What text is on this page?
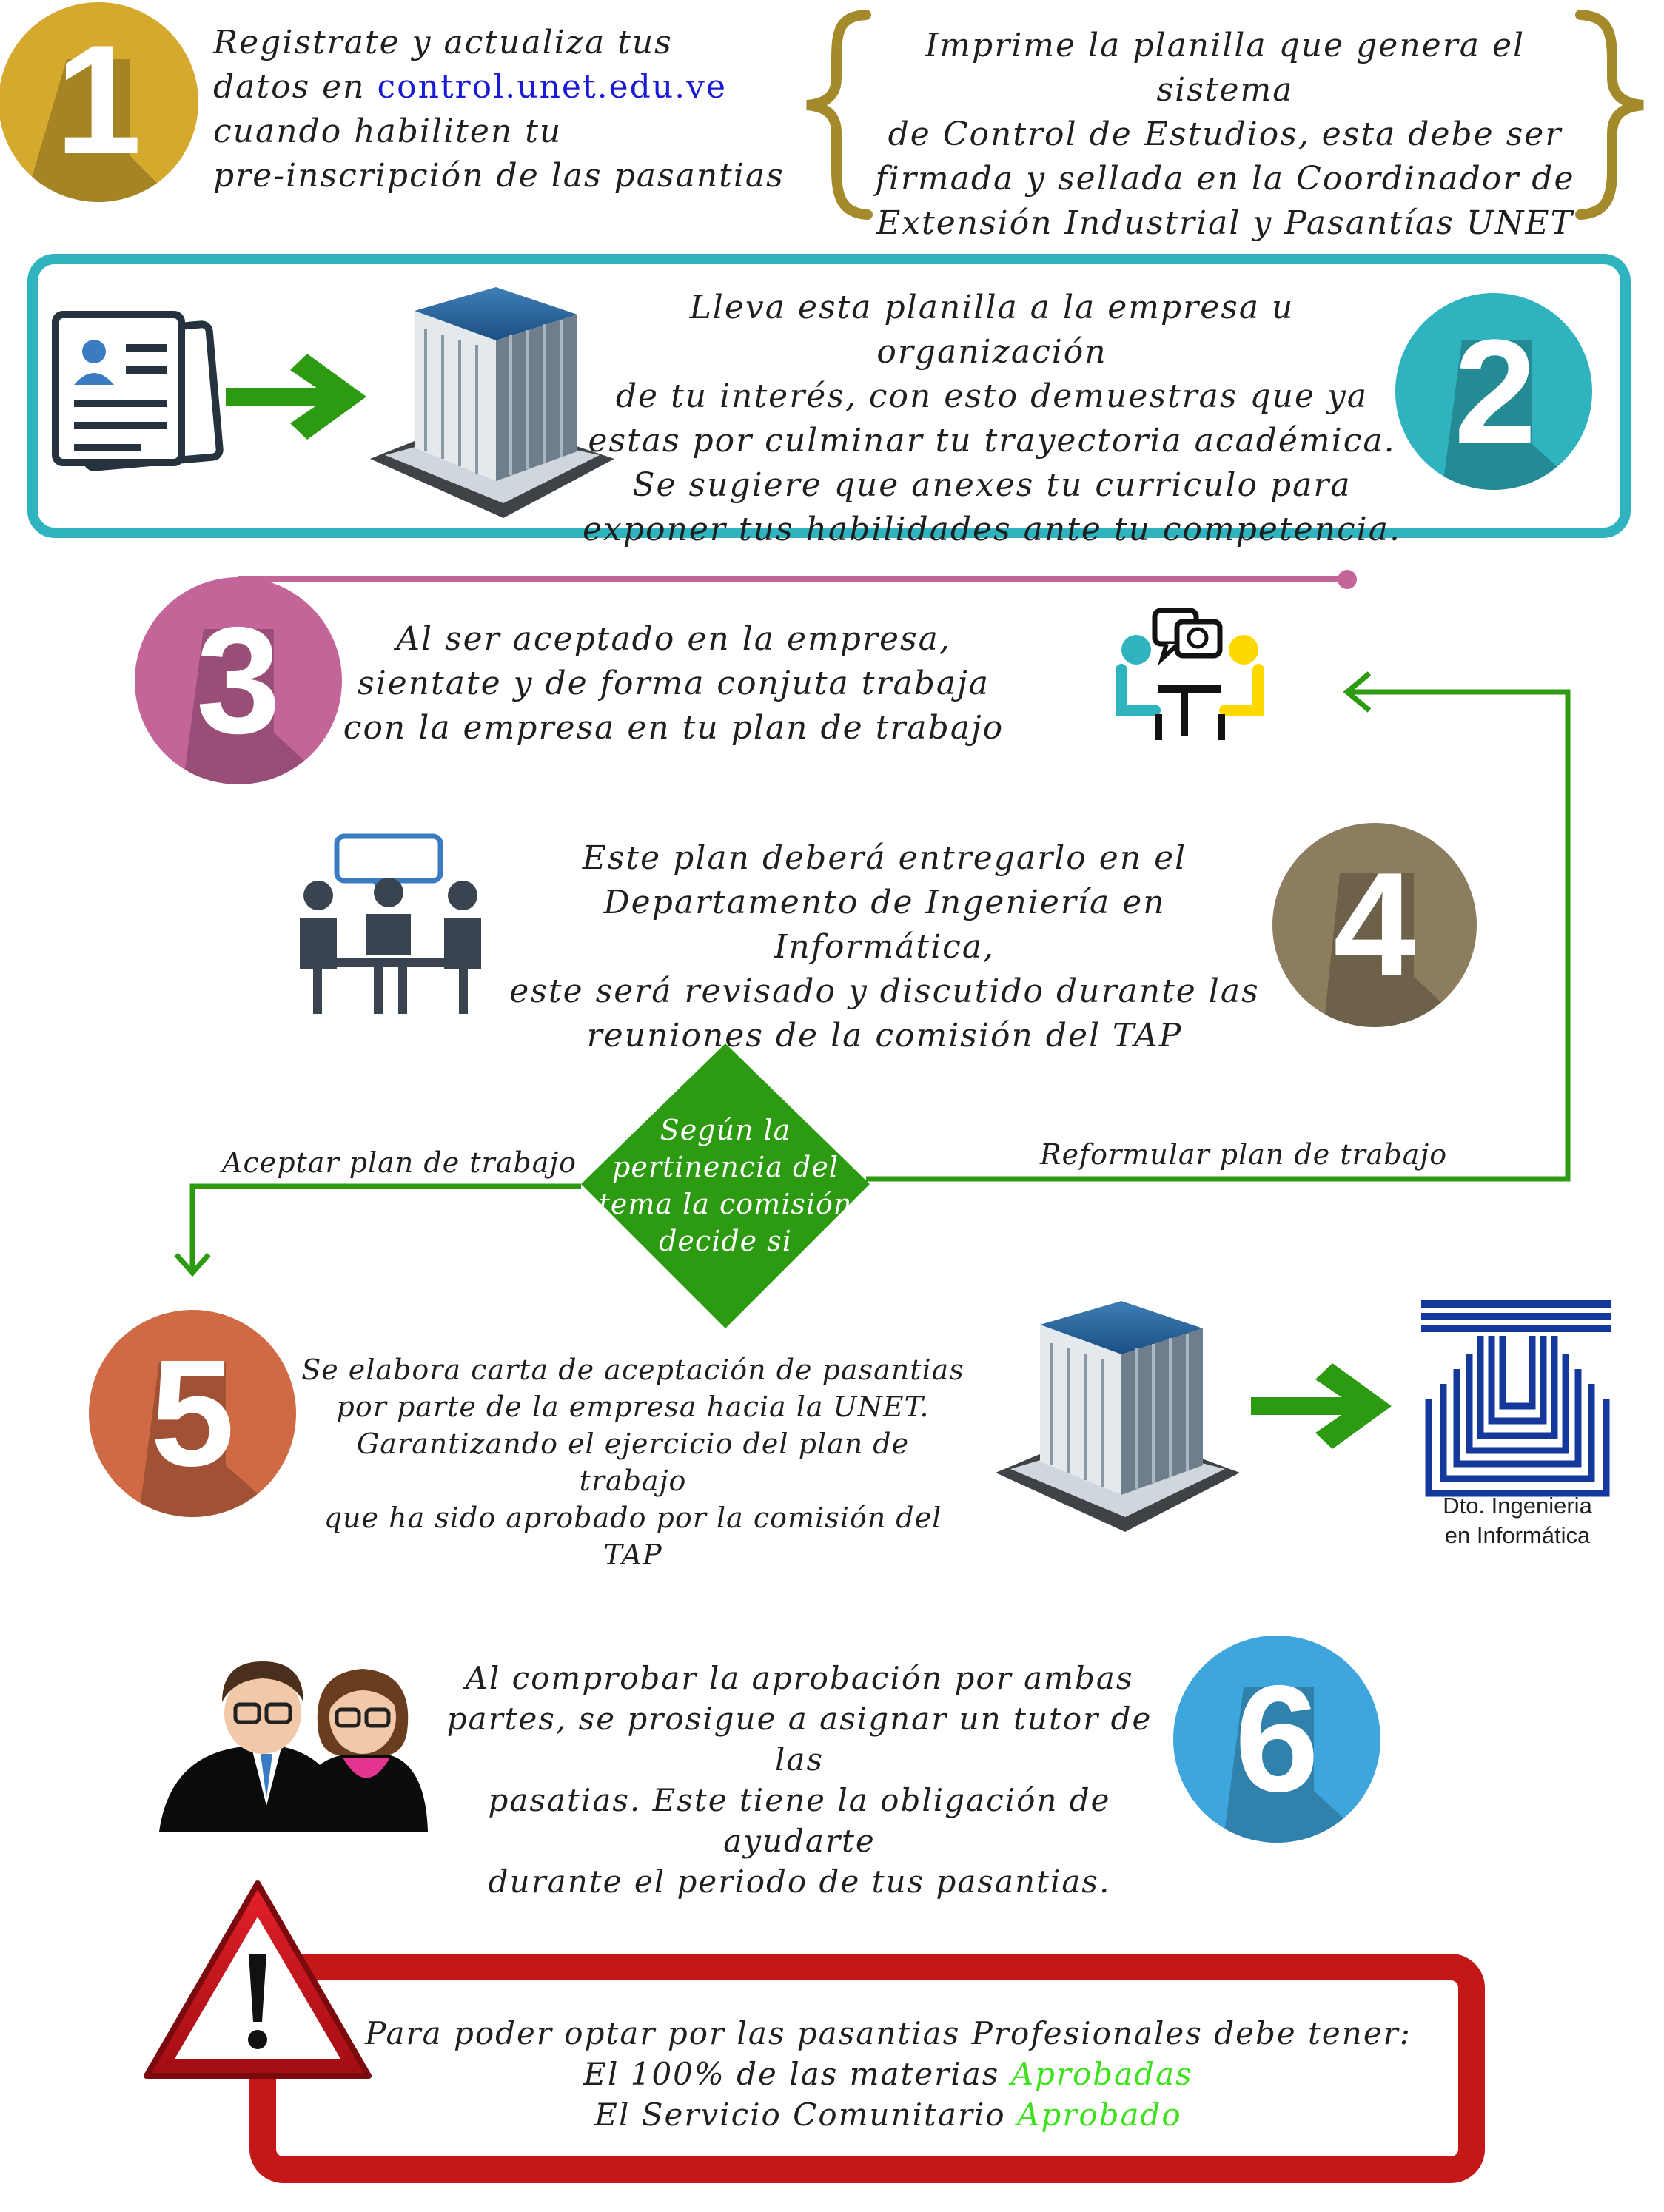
1
2
3
4
5
6
Registrate y actualiza tus
datos en control.unet.edu.ve
cuando habiliten tu
pre-inscripción de las pasantias
Imprime la planilla que genera el sistema
de Control de Estudios, esta debe ser
firmada y sellada en la Coordinador de
Extensión Industrial y Pasantías UNET
Lleva esta planilla a la empresa u organización
de tu interés, con esto demuestras que ya
estas por culminar tu trayectoria académica.
Se sugiere que anexes tu curriculo para
exponer tus habilidades ante tu competencia.
Al ser aceptado en la empresa,
sientate y de forma conjuta trabaja
con la empresa en tu plan de trabajo
Este plan deberá entregarlo en el
Departamento de Ingeniería en Informática,
este será revisado y discutido durante las
reuniones de la comisión del TAP
Según la
pertinencia del
tema la comisión
decide si
Aceptar plan de trabajo	Reformular plan de trabajo
Se elabora carta de aceptación de pasantias
por parte de la empresa hacia la UNET.
Garantizando el ejercicio del plan de trabajo
que ha sido aprobado por la comisión del TAP
Dto. Ingenieria
en Informática
Al comprobar la aprobación por ambas
partes, se prosigue a asignar un tutor de las
pasatias. Este tiene la obligación de ayudarte
durante el periodo de tus pasantias.
Para poder optar por las pasantias Profesionales debe tener:
El 100% de las materias Aprobadas
El Servicio Comunitario Aprobado
